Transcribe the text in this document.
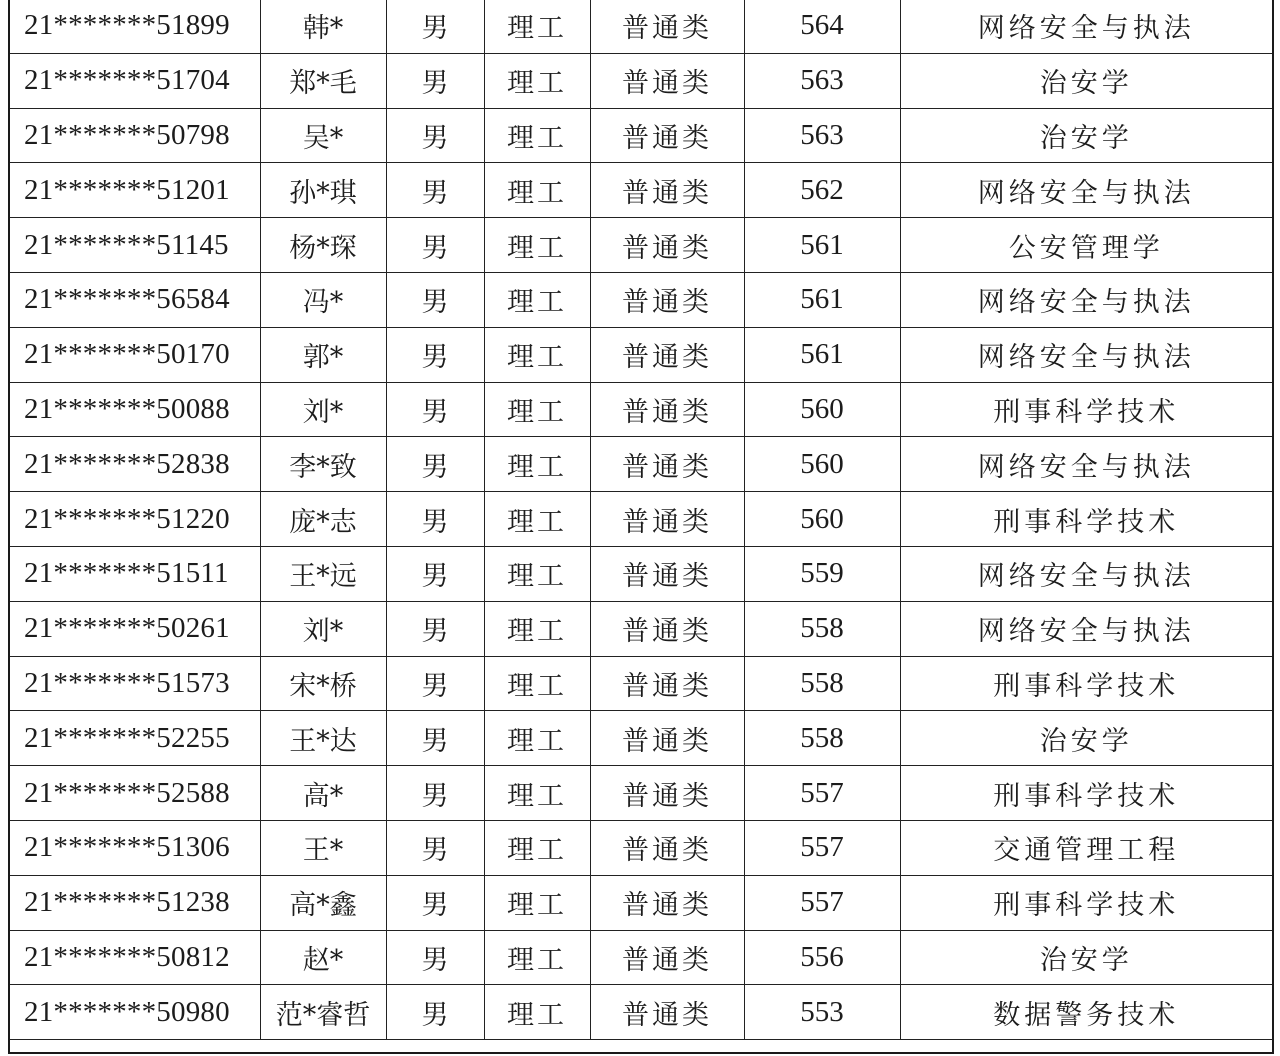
21*******51899	韩*	男	理工	普通类	564	网络安全与执法
21*******51704	郑*毛	男	理工	普通类	563	治安学
21*******50798	吴*	男	理工	普通类	563	治安学
21*******51201	孙*琪	男	理工	普通类	562	网络安全与执法
21*******51145	杨*琛	男	理工	普通类	561	公安管理学
21*******56584	冯*	男	理工	普通类	561	网络安全与执法
21*******50170	郭*	男	理工	普通类	561	网络安全与执法
21*******50088	刘*	男	理工	普通类	560	刑事科学技术
21*******52838	李*致	男	理工	普通类	560	网络安全与执法
21*******51220	庞*志	男	理工	普通类	560	刑事科学技术
21*******51511	王*远	男	理工	普通类	559	网络安全与执法
21*******50261	刘*	男	理工	普通类	558	网络安全与执法
21*******51573	宋*桥	男	理工	普通类	558	刑事科学技术
21*******52255	王*达	男	理工	普通类	558	治安学
21*******52588	高*	男	理工	普通类	557	刑事科学技术
21*******51306	王*	男	理工	普通类	557	交通管理工程
21*******51238	高*鑫	男	理工	普通类	557	刑事科学技术
21*******50812	赵*	男	理工	普通类	556	治安学
21*******50980	范*睿哲	男	理工	普通类	553	数据警务技术
